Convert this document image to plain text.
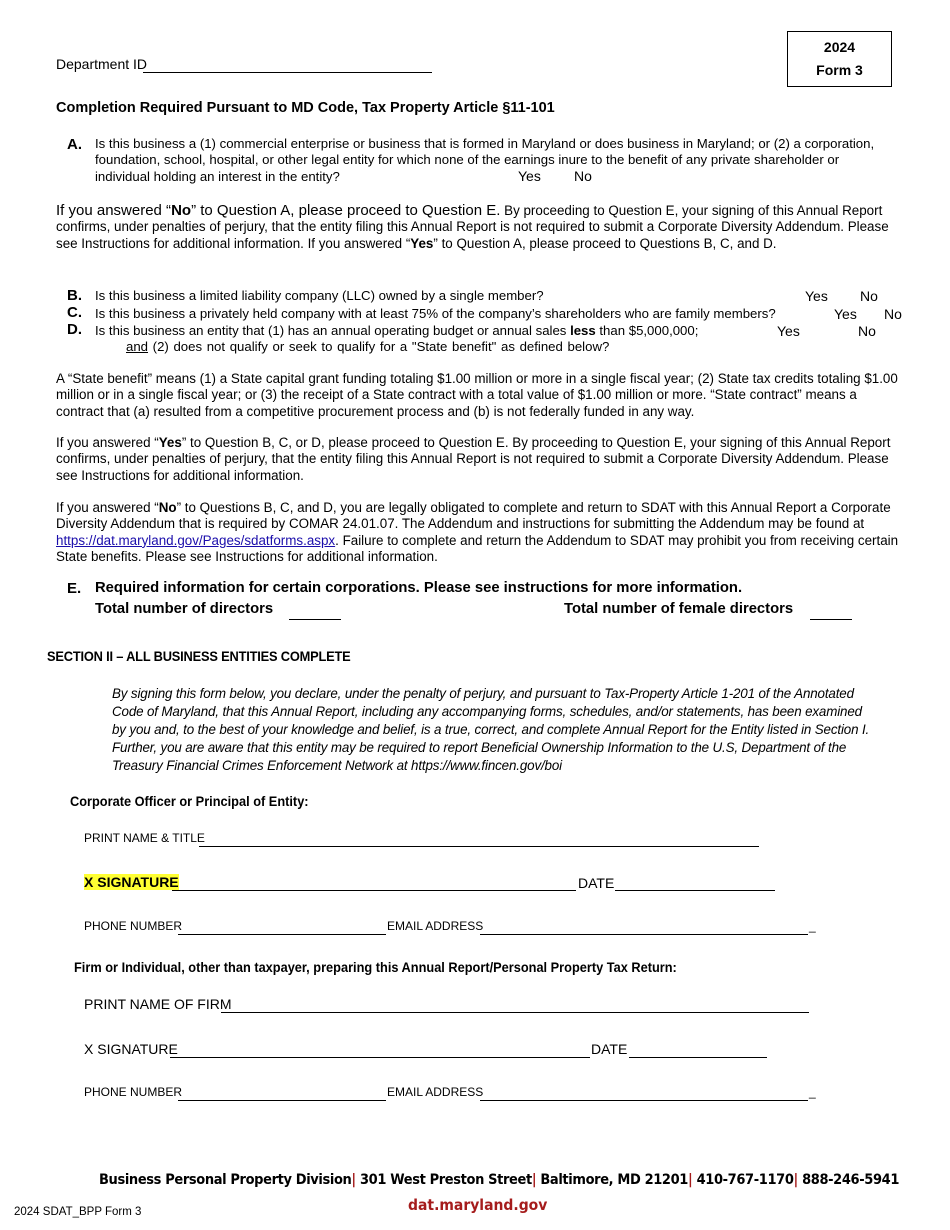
Department ID
2024
Form 3
Completion Required Pursuant to MD Code, Tax Property Article §11-101
A. Is this business a (1) commercial enterprise or business that is formed in Maryland or does business in Maryland; or (2) a corporation, foundation, school, hospital, or other legal entity for which none of the earnings inure to the benefit of any private shareholder or individual holding an interest in the entity?	Yes No
If you answered “No” to Question A, please proceed to Question E. By proceeding to Question E, your signing of this Annual Report confirms, under penalties of perjury, that the entity filing this Annual Report is not required to submit a Corporate Diversity Addendum. Please see Instructions for additional information. If you answered “Yes” to Question A, please proceed to Questions B, C, and D.
B. Is this business a limited liability company (LLC) owned by a single member?	Yes No
C. Is this business a privately held company with at least 75% of the company’s shareholders who are family members?	Yes No
D. Is this business an entity that (1) has an annual operating budget or annual sales less than $5,000,000;	Yes	No
and (2) does not qualify or seek to qualify for a "State benefit" as defined below?
A “State benefit” means (1) a State capital grant funding totaling $1.00 million or more in a single fiscal year; (2) State tax credits totaling $1.00 million or in a single fiscal year; or (3) the receipt of a State contract with a total value of $1.00 million or more. “State contract” means a contract that (a) resulted from a competitive procurement process and (b) is not federally funded in any way.
If you answered “Yes” to Question B, C, or D, please proceed to Question E. By proceeding to Question E, your signing of this Annual Report confirms, under penalties of perjury, that the entity filing this Annual Report is not required to submit a Corporate Diversity Addendum. Please see Instructions for additional information.
If you answered “No” to Questions B, C, and D, you are legally obligated to complete and return to SDAT with this Annual Report a Corporate Diversity Addendum that is required by COMAR 24.01.07. The Addendum and instructions for submitting the Addendum may be found at https://dat.maryland.gov/Pages/sdatforms.aspx. Failure to complete and return the Addendum to SDAT may prohibit you from receiving certain State benefits. Please see Instructions for additional information.
E. Required information for certain corporations. Please see instructions for more information.
Total number of directors	Total number of female directors
SECTION II – ALL BUSINESS ENTITIES COMPLETE
By signing this form below, you declare, under the penalty of perjury, and pursuant to Tax-Property Article 1-201 of the Annotated Code of Maryland, that this Annual Report, including any accompanying forms, schedules, and/or statements, has been examined by you and, to the best of your knowledge and belief, is a true, correct, and complete Annual Report for the Entity listed in Section I. Further, you are aware that this entity may be required to report Beneficial Ownership Information to the U.S, Department of the Treasury Financial Crimes Enforcement Network at https://www.fincen.gov/boi
Corporate Officer or Principal of Entity:
PRINT NAME & TITLE
X SIGNATURE	DATE
PHONE NUMBER	EMAIL ADDRESS	_
Firm or Individual, other than taxpayer, preparing this Annual Report/Personal Property Tax Return:
PRINT NAME OF FIRM
X SIGNATURE	DATE
PHONE NUMBER	EMAIL ADDRESS	_
Business Personal Property Division| 301 West Preston Street| Baltimore, MD 21201| 410-767-1170| 888-246-5941
dat.maryland.gov
2024 SDAT_BPP Form 3
